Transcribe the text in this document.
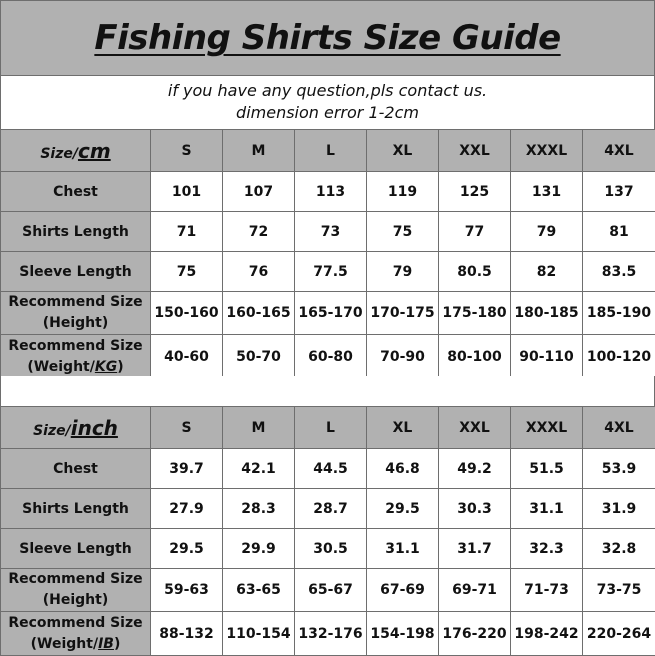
Fishing Shirts Size Guide
if you have any question,pls contact us.
dimension error 1-2cm
Size/cm	S	M	L	XL	XXL	XXXL	4XL
Chest	101	107	113	119	125	131	137
Shirts Length	71	72	73	75	77	79	81
Sleeve Length	75	76	77.5	79	80.5	82	83.5

Recommend Size
(Height)	150-160	160-165	165-170	170-175	175-180	180-185	185-190

Recommend Size
(Weight/KG)	40-60	50-70	60-80	70-90	80-100	90-110	100-120
Size/inch	S	M	L	XL	XXL	XXXL	4XL
Chest	39.7	42.1	44.5	46.8	49.2	51.5	53.9
Shirts Length	27.9	28.3	28.7	29.5	30.3	31.1	31.9
Sleeve Length	29.5	29.9	30.5	31.1	31.7	32.3	32.8

Recommend Size
(Height)	59-63	63-65	65-67	67-69	69-71	71-73	73-75

Recommend Size
(Weight/IB)	88-132	110-154	132-176	154-198	176-220	198-242	220-264
